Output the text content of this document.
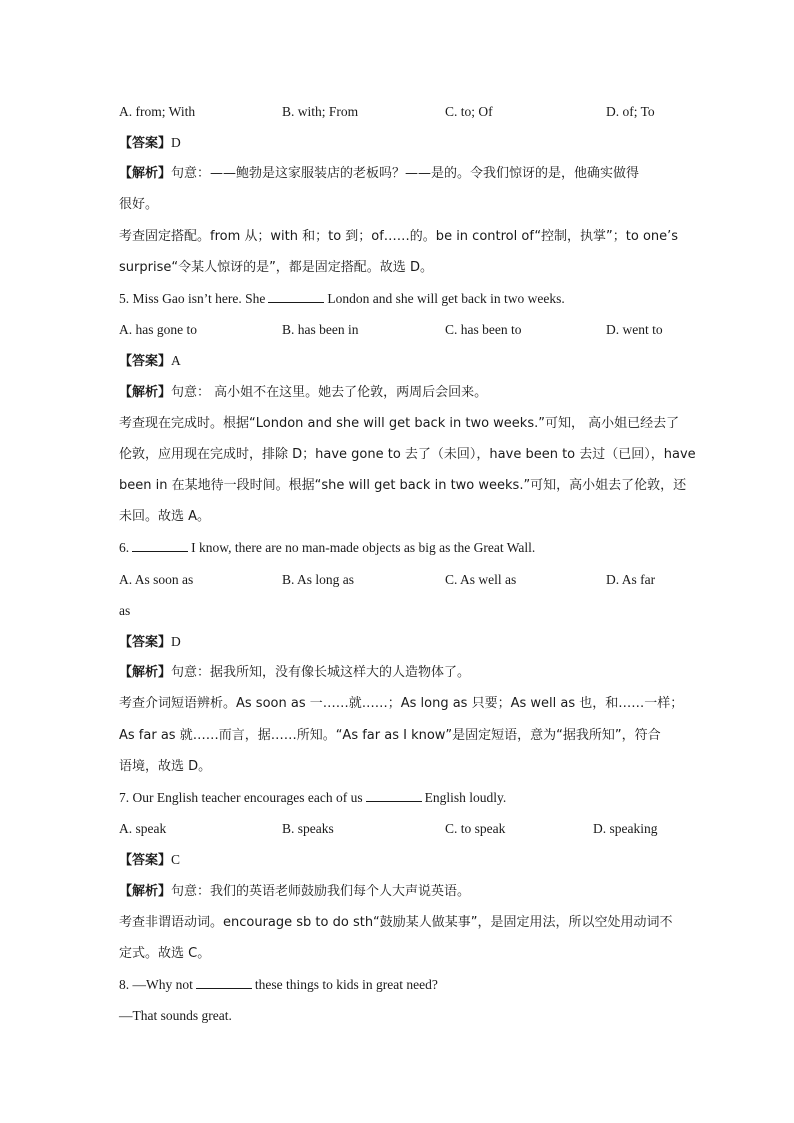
A. from; With	B. with; From	C. to; Of	D. of; To
【答案】D
【解析】句意：——鲍勃是这家服装店的老板吗？——是的。令我们惊讶的是，他确实做得
很好。
考查固定搭配。from 从；with 和；to 到；of……的。be in control of“控制，执掌”；to one’s
surprise“令某人惊讶的是”，都是固定搭配。故选 D。
5. Miss Gao isn’t here. She	London and she will get back in two weeks.
A. has gone to	B. has been in	C. has been to	D. went to
【答案】A
【解析】句意： 高小姐不在这里。她去了伦敦，两周后会回来。
考查现在完成时。根据“London and she will get back in two weeks.”可知， 高小姐已经去了
伦敦，应用现在完成时，排除 D；have gone to 去了（未回），have been to 去过（已回），have
been in 在某地待一段时间。根据“she will get back in two weeks.”可知，高小姐去了伦敦，还
未回。故选 A。
6.	I know, there are no man-made objects as big as the Great Wall.
A. As soon as	B. As long as	C. As well as	D. As far
as
【答案】D
【解析】句意：据我所知，没有像长城这样大的人造物体了。
考查介词短语辨析。As soon as 一……就……；As long as 只要；As well as 也，和……一样；
As far as 就……而言，据……所知。“As far as I know”是固定短语，意为“据我所知”，符合
语境，故选 D。
7. Our English teacher encourages each of us	English loudly.
A. speak	B. speaks	C. to speak	D. speaking
【答案】C
【解析】句意：我们的英语老师鼓励我们每个人大声说英语。
考查非谓语动词。encourage sb to do sth“鼓励某人做某事”，是固定用法，所以空处用动词不
定式。故选 C。
8. —Why not	these things to kids in great need?
—That sounds great.
